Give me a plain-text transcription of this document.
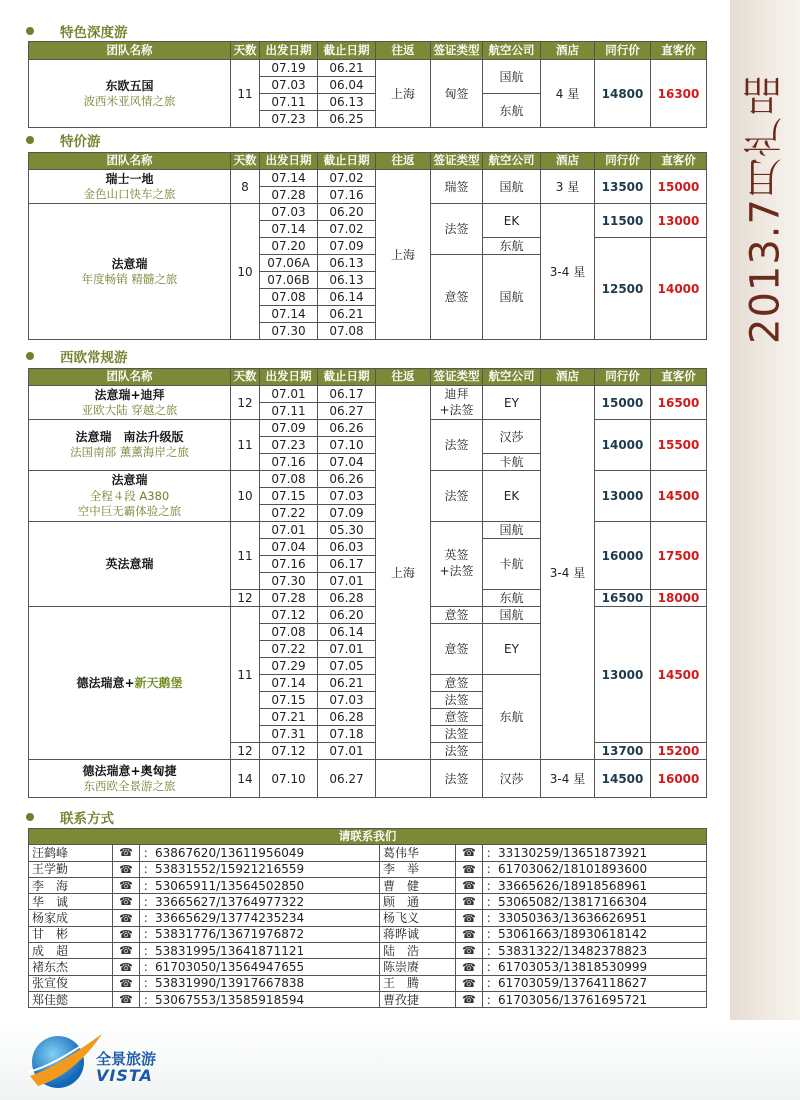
2013.7月产品
特色深度游
团队名称	天数	出发日期	截止日期	往返	签证类型	航空公司	酒店	同行价	直客价

东欧五国
波西米亚风情之旅	11	07.19	06.21	上海	匈签	国航	4 星	14800	16300
		07.03	06.04						
		07.11	06.13			东航			
		07.23	06.25						
特价游
团队名称	天数	出发日期	截止日期	往返	签证类型	航空公司	酒店	同行价	直客价

瑞士一地
金色山口快车之旅	8	07.14	07.02	上海	瑞签	国航	3 星	13500	15000
		07.28	07.16						

法意瑞
年度畅销 精髓之旅	10	07.03	06.20		法签	EK	3-4 星	11500	13000
		07.14	07.02						
		07.20	07.09			东航		12500	14000
		07.06A	06.13		意签	国航			
		07.06B	06.13						
		07.08	06.14						
		07.14	06.21						
		07.30	07.08						
西欧常规游
团队名称	天数	出发日期	截止日期	往返	签证类型	航空公司	酒店	同行价	直客价

法意瑞+迪拜
亚欧大陆 穿越之旅	12	07.01	06.17	上海	迪拜+法签	EY	3-4 星	15000	16500
		07.11	06.27						

法意瑞　南法升级版
法国南部 薰薰海岸之旅	11	07.09	06.26		法签	汉莎		14000	15500
		07.23	07.10						
		07.16	07.04			卡航			

法意瑞
全程４段 A380
空中巨无霸体验之旅	10	07.08	06.26		法签	EK		13000	14500
		07.15	07.03						
		07.22	07.09						

英法意瑞	11	07.01	05.30		英签+法签	国航		16000	17500
		07.04	06.03			卡航			
		07.16	06.17						
		07.30	07.01						
	12	07.28	06.28			东航		16500	18000

德法瑞意+新天鹅堡	11	07.12	06.20		意签	国航		13000	14500
		07.08	06.14		意签	EY			
		07.22	07.01						
		07.29	07.05						
		07.14	06.21		意签	东航			
		07.15	07.03		法签				
		07.21	06.28		意签				
		07.31	07.18		法签				
	12	07.12	07.01		法签			13700	15200

德法瑞意+奥匈捷
东西欧全景游之旅	14	07.10	06.27		法签	汉莎	3-4 星	14500	16000
联系方式
请联系我们					
汪鹤峰	☎	：63867620/13611956049	葛伟华	☎	：33130259/13651873921
王学勤	☎	：53831552/15921216559	李　举	☎	：61703062/18101893600
李　海	☎	：53065911/13564502850	曹　健	☎	：33665626/18918568961
华　诚	☎	：33665627/13764977322	顾　通	☎	：53065082/13817166304
杨家成	☎	：33665629/13774235234	杨飞义	☎	：33050363/13636626951
甘　彬	☎	：53831776/13671976872	蒋晔诚	☎	：53061663/18930618142
成　超	☎	：53831995/13641871121	陆　浩	☎	：53831322/13482378823
褚东杰	☎	：61703050/13564947655	陈崇赓	☎	：61703053/13818530999
张宣俊	☎	：53831990/13917667838	王　腾	☎	：61703059/13764118627
郑佳懿	☎	：53067553/13585918594	曹孜捷	☎	：61703056/13761695721
全景旅游
VISTA
